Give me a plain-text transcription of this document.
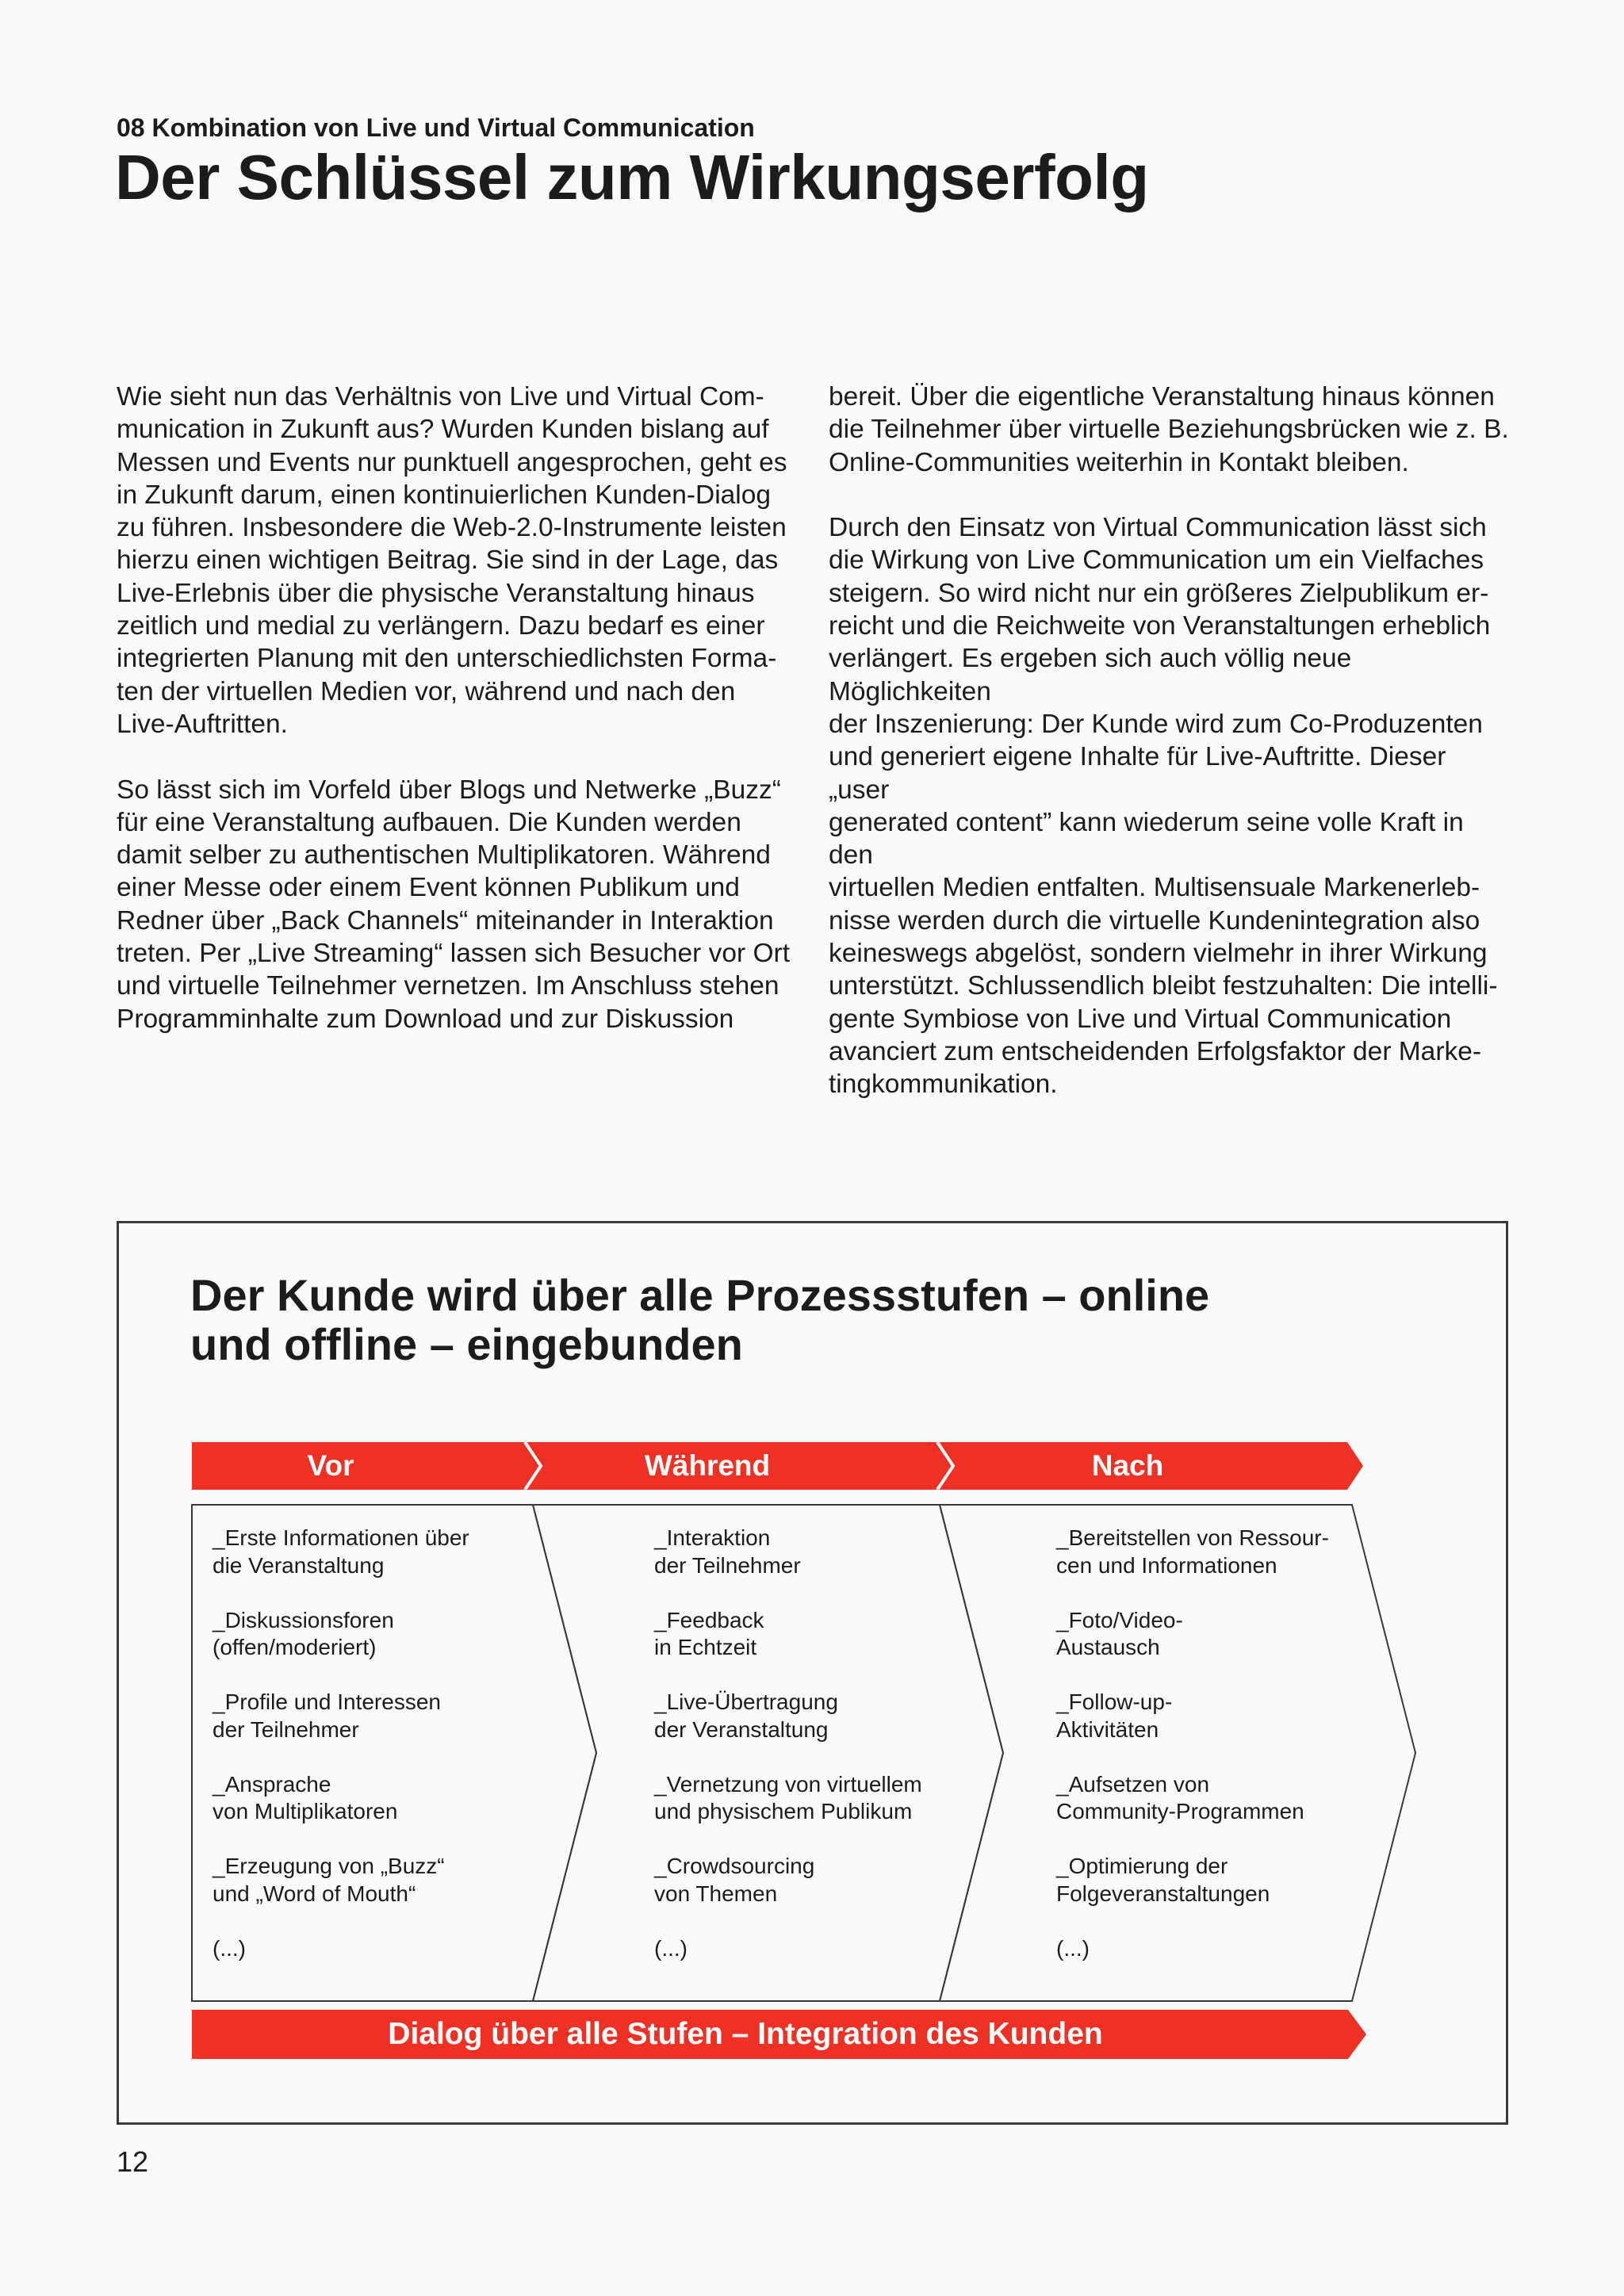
08 Kombination von Live und Virtual Communication
Der Schlüssel zum Wirkungserfolg

Wie sieht nun das Verhältnis von Live und Virtual Com-
munication in Zukunft aus? Wurden Kunden bislang auf
Messen und Events nur punktuell angesprochen, geht es
in Zukunft darum, einen kontinuierlichen Kunden-Dialog
zu führen. Insbesondere die Web-2.0-Instrumente leisten
hierzu einen wichtigen Beitrag. Sie sind in der Lage, das
Live-Erlebnis über die physische Veranstaltung hinaus
zeitlich und medial zu verlängern. Dazu bedarf es einer
integrierten Planung mit den unterschiedlichsten Forma-
ten der virtuellen Medien vor, während und nach den
Live-Auftritten.

So lässt sich im Vorfeld über Blogs und Netwerke „Buzz“
für eine Veranstaltung aufbauen. Die Kunden werden
damit selber zu authentischen Multiplikatoren. Während
einer Messe oder einem Event können Publikum und
Redner über „Back Channels“ miteinander in Interaktion
treten. Per „Live Streaming“ lassen sich Besucher vor Ort
und virtuelle Teilnehmer vernetzen. Im Anschluss stehen
Programminhalte zum Download und zur Diskussion

bereit. Über die eigentliche Veranstaltung hinaus können
die Teilnehmer über virtuelle Beziehungsbrücken wie z. B.
Online-Communities weiterhin in Kontakt bleiben.

Durch den Einsatz von Virtual Communication lässt sich
die Wirkung von Live Communication um ein Vielfaches
steigern. So wird nicht nur ein größeres Zielpublikum er-
reicht und die Reichweite von Veranstaltungen erheblich
verlängert. Es ergeben sich auch völlig neue Möglichkeiten
der Inszenierung: Der Kunde wird zum Co-Produzenten
und generiert eigene Inhalte für Live-Auftritte. Dieser „user
generated content” kann wiederum seine volle Kraft in den
virtuellen Medien entfalten. Multisensuale Markenerleb-
nisse werden durch die virtuelle Kundenintegration also
keineswegs abgelöst, sondern vielmehr in ihrer Wirkung
unterstützt. Schlussendlich bleibt festzuhalten: Die intelli-
gente Symbiose von Live und Virtual Communication
avanciert zum entscheidenden Erfolgsfaktor der Marke-
tingkommunikation.

Der Kunde wird über alle Prozessstufen – online
und offline – eingebunden
Vor	Während	Nach
_Erste Informationen über
die Veranstaltung
_Diskussionsforen
(offen/moderiert)
_Profile und Interessen
der Teilnehmer
_Ansprache
von Multiplikatoren
_Erzeugung von „Buzz“
und „Word of Mouth“
(...)
_Interaktion
der Teilnehmer
_Feedback
in Echtzeit
_Live-Übertragung
der Veranstaltung
_Vernetzung von virtuellem
und physischem Publikum
_Crowdsourcing
von Themen
(...)
_Bereitstellen von Ressour-
cen und Informationen
_Foto/Video-
Austausch
_Follow-up-
Aktivitäten
_Aufsetzen von
Community-Programmen
_Optimierung der
Folgeveranstaltungen
(...)
Dialog über alle Stufen – Integration des Kunden
12
